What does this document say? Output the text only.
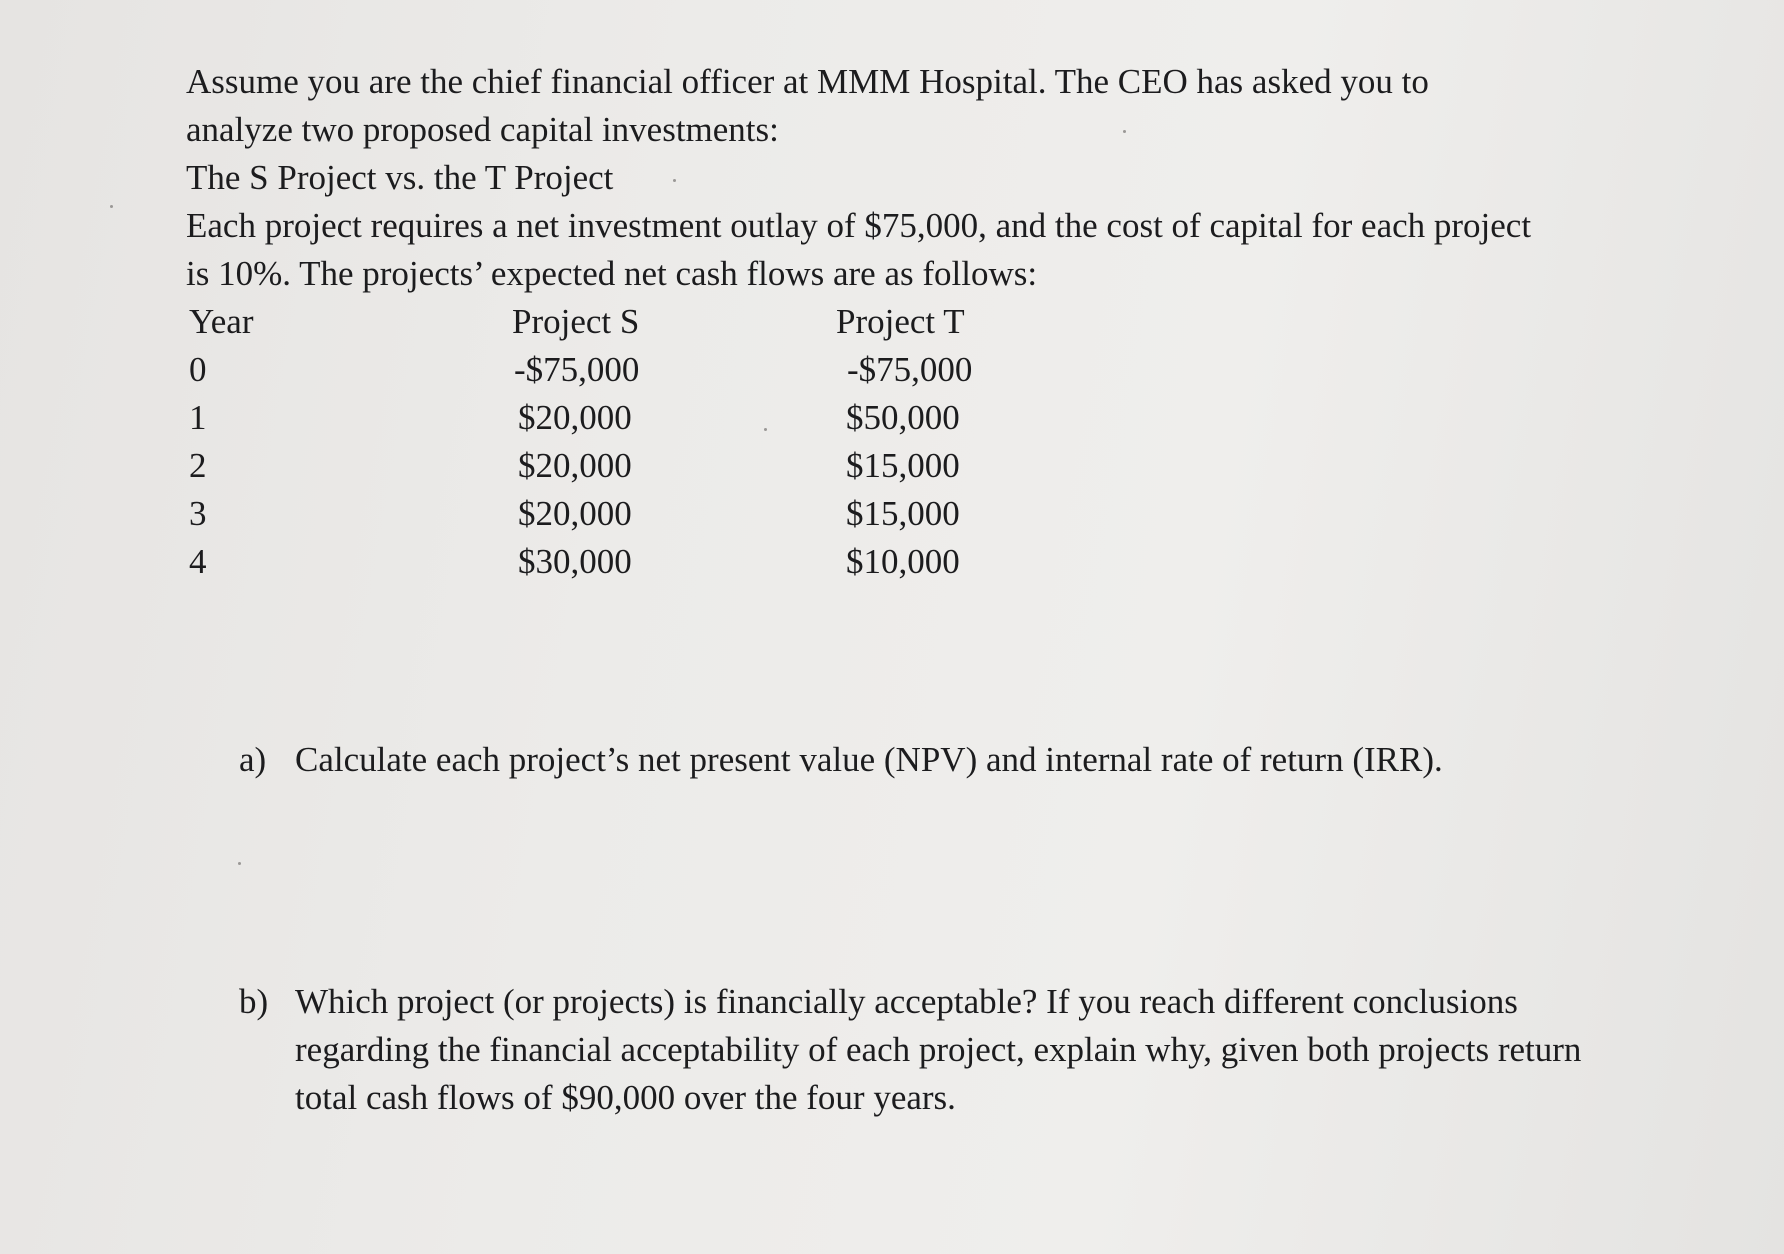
Assume you are the chief financial officer at MMM Hospital. The CEO has asked you to
analyze two proposed capital investments:
The S Project vs. the T Project
Each project requires a net investment outlay of $75,000, and the cost of capital for each project
is 10%. The projects’ expected net cash flows are as follows:
Year	Project S	Project T
0	-$75,000	-$75,000
1	$20,000	$50,000
2	$20,000	$15,000
3	$20,000	$15,000
4	$30,000	$10,000
a) Calculate each project’s net present value (NPV) and internal rate of return (IRR).
b) Which project (or projects) is financially acceptable? If you reach different conclusions regarding the financial acceptability of each project, explain why, given both projects return total cash flows of $90,000 over the four years.
